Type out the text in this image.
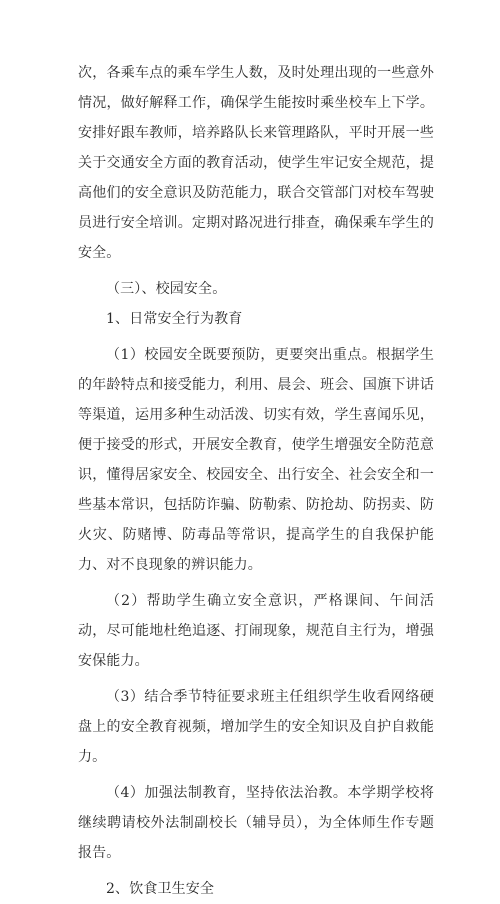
次，各乘车点的乘车学生人数，及时处理出现的一些意外情况，做好解释工作，确保学生能按时乘坐校车上下学。安排好跟车教师，培养路队长来管理路队，平时开展一些关于交通安全方面的教育活动，使学生牢记安全规范，提高他们的安全意识及防范能力，联合交管部门对校车驾驶员进行安全培训。定期对路况进行排查，确保乘车学生的安全。

（三）、校园安全。

1、日常安全行为教育

（1）校园安全既要预防，更要突出重点。根据学生的年龄特点和接受能力，利用、晨会、班会、国旗下讲话等渠道，运用多种生动活泼、切实有效，学生喜闻乐见，便于接受的形式，开展安全教育，使学生增强安全防范意识，懂得居家安全、校园安全、出行安全、社会安全和一些基本常识，包括防诈骗、防勒索、防抢劫、防拐卖、防火灾、防赌博、防毒品等常识，提高学生的自我保护能力、对不良现象的辨识能力。

（2）帮助学生确立安全意识，严格课间、午间活动，尽可能地杜绝追逐、打闹现象，规范自主行为，增强安保能力。

（3）结合季节特征要求班主任组织学生收看网络硬盘上的安全教育视频，增加学生的安全知识及自护自救能力。

（4）加强法制教育，坚持依法治教。本学期学校将继续聘请校外法制副校长（辅导员），为全体师生作专题报告。

2、饮食卫生安全
